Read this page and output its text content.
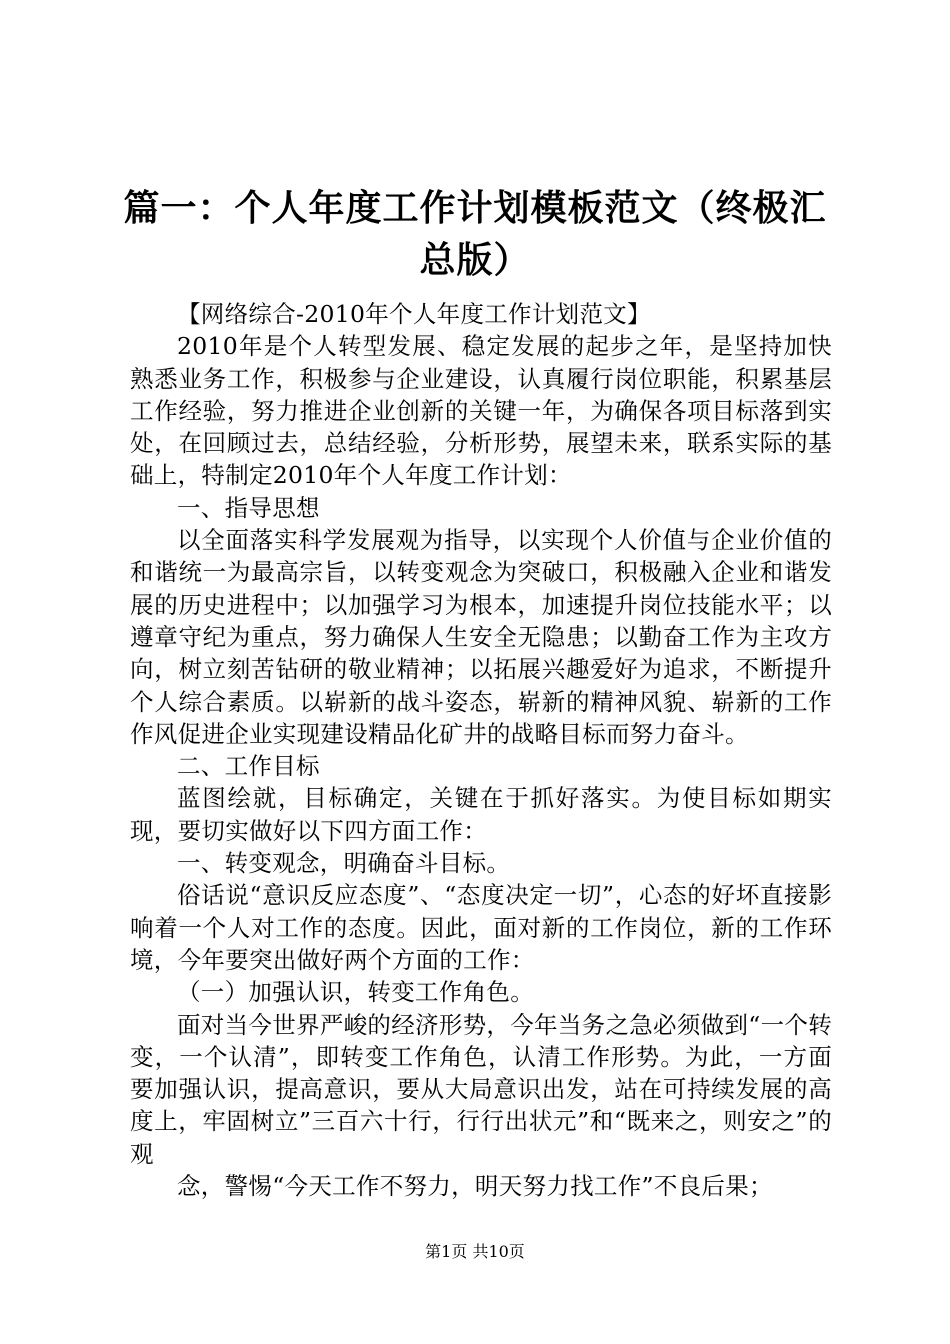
篇一：个人年度工作计划模板范文（终极汇总版）

【网络综合-2010年个人年度工作计划范文】

2010年是个人转型发展、稳定发展的起步之年，是坚持加快熟悉业务工作，积极参与企业建设，认真履行岗位职能，积累基层工作经验，努力推进企业创新的关键一年，为确保各项目标落到实处，在回顾过去，总结经验，分析形势，展望未来，联系实际的基础上，特制定2010年个人年度工作计划：

一、指导思想

以全面落实科学发展观为指导，以实现个人价值与企业价值的和谐统一为最高宗旨，以转变观念为突破口，积极融入企业和谐发展的历史进程中；以加强学习为根本，加速提升岗位技能水平；以遵章守纪为重点，努力确保人生安全无隐患；以勤奋工作为主攻方向，树立刻苦钻研的敬业精神；以拓展兴趣爱好为追求，不断提升个人综合素质。以崭新的战斗姿态，崭新的精神风貌、崭新的工作作风促进企业实现建设精品化矿井的战略目标而努力奋斗。

二、工作目标

蓝图绘就，目标确定，关键在于抓好落实。为使目标如期实现，要切实做好以下四方面工作：

一、转变观念，明确奋斗目标。

俗话说“意识反应态度”、“态度决定一切”，心态的好坏直接影响着一个人对工作的态度。因此，面对新的工作岗位，新的工作环境，今年要突出做好两个方面的工作：

（一）加强认识，转变工作角色。

面对当今世界严峻的经济形势，今年当务之急必须做到“一个转变，一个认清”，即转变工作角色，认清工作形势。为此，一方面要加强认识，提高意识，要从大局意识出发，站在可持续发展的高度上，牢固树立”三百六十行，行行出状元”和“既来之，则安之”的观

念，警惕“今天工作不努力，明天努力找工作”不良后果；

第1页 共10页
